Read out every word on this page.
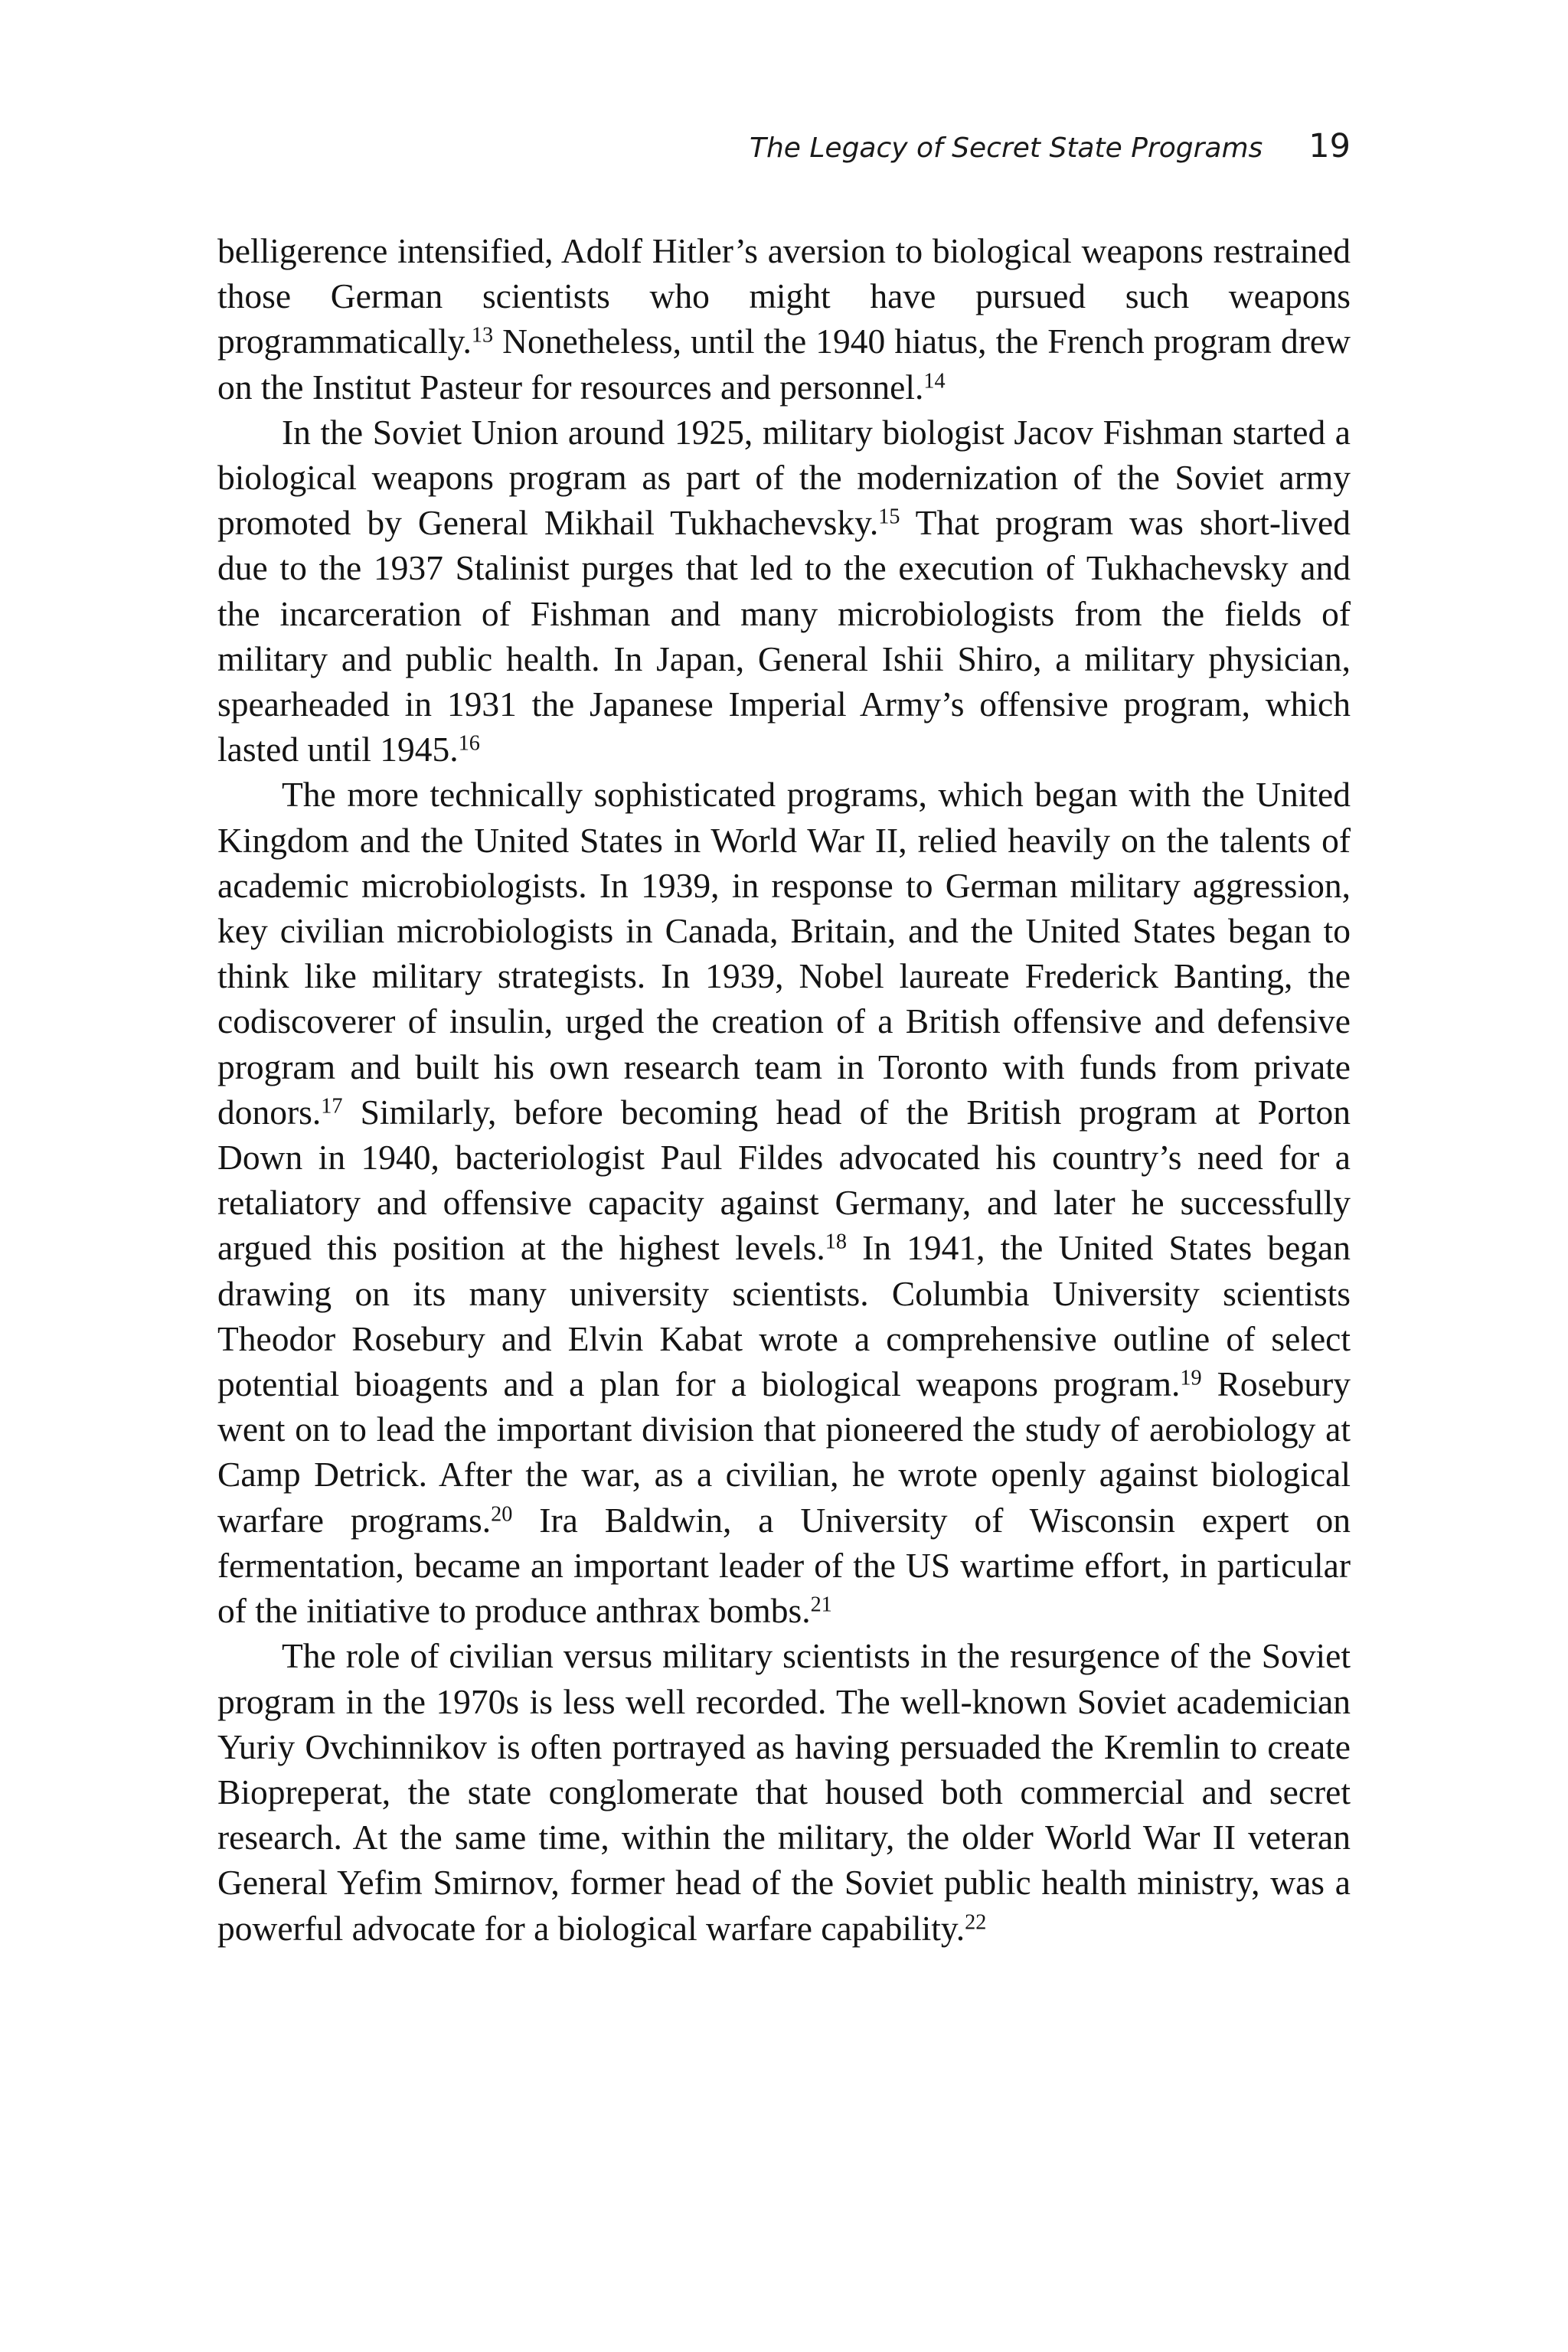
The Legacy of Secret State Programs 19

belligerence intensified, Adolf Hitler’s aversion to biological weapons restrained those German scientists who might have pursued such weapons programmatically.$^{13}$ Nonetheless, until the 1940 hiatus, the French program drew on the Institut Pasteur for resources and personnel.$^{14}$

In the Soviet Union around 1925, military biologist Jacov Fishman started a biological weapons program as part of the modernization of the Soviet army promoted by General Mikhail Tukhachevsky.$^{15}$ That program was short-lived due to the 1937 Stalinist purges that led to the execution of Tukhachevsky and the incarceration of Fishman and many microbiologists from the fields of military and public health. In Japan, General Ishii Shiro, a military physician, spearheaded in 1931 the Japanese Imperial Army’s offensive program, which lasted until 1945.16

The more technically sophisticated programs, which began with the United Kingdom and the United States in World War II, relied heavily on the talents of academic microbiologists. In 1939, in response to German military aggression, key civilian microbiologists in Canada, Britain, and the United States began to think like military strategists. In 1939, Nobel laureate Frederick Banting, the codiscoverer of insulin, urged the creation of a British offensive and defensive program and built his own research team in Toronto with funds from private donors.$^{17}$ Similarly, before becoming head of the British program at Porton Down in 1940, bacteriologist Paul Fildes advocated his country’s need for a retaliatory and offensive capacity against Germany, and later he successfully argued this position at the highest levels.$^{18}$ In 1941, the United States began drawing on its many university scientists. Columbia University scientists Theodor Rosebury and Elvin Kabat wrote a comprehensive outline of select potential bioagents and a plan for a biological weapons program.$^{19}$ Rosebury went on to lead the important division that pioneered the study of aerobiology at Camp Detrick. After the war, as a civilian, he wrote openly against biological warfare programs.$^{20}$ Ira Baldwin, a University of Wisconsin expert on fermentation, became an important leader of the US wartime effort, in particular of the initiative to produce anthrax bombs.$^{21}$

The role of civilian versus military scientists in the resurgence of the Soviet program in the 1970s is less well recorded. The well-known Soviet academician Yuriy Ovchinnikov is often portrayed as having persuaded the Kremlin to create Biopreperat, the state conglomerate that housed both commercial and secret research. At the same time, within the military, the older World War II veteran General Yefim Smirnov, former head of the Soviet public health ministry, was a powerful advocate for a biological warfare capability.$^{22}$
